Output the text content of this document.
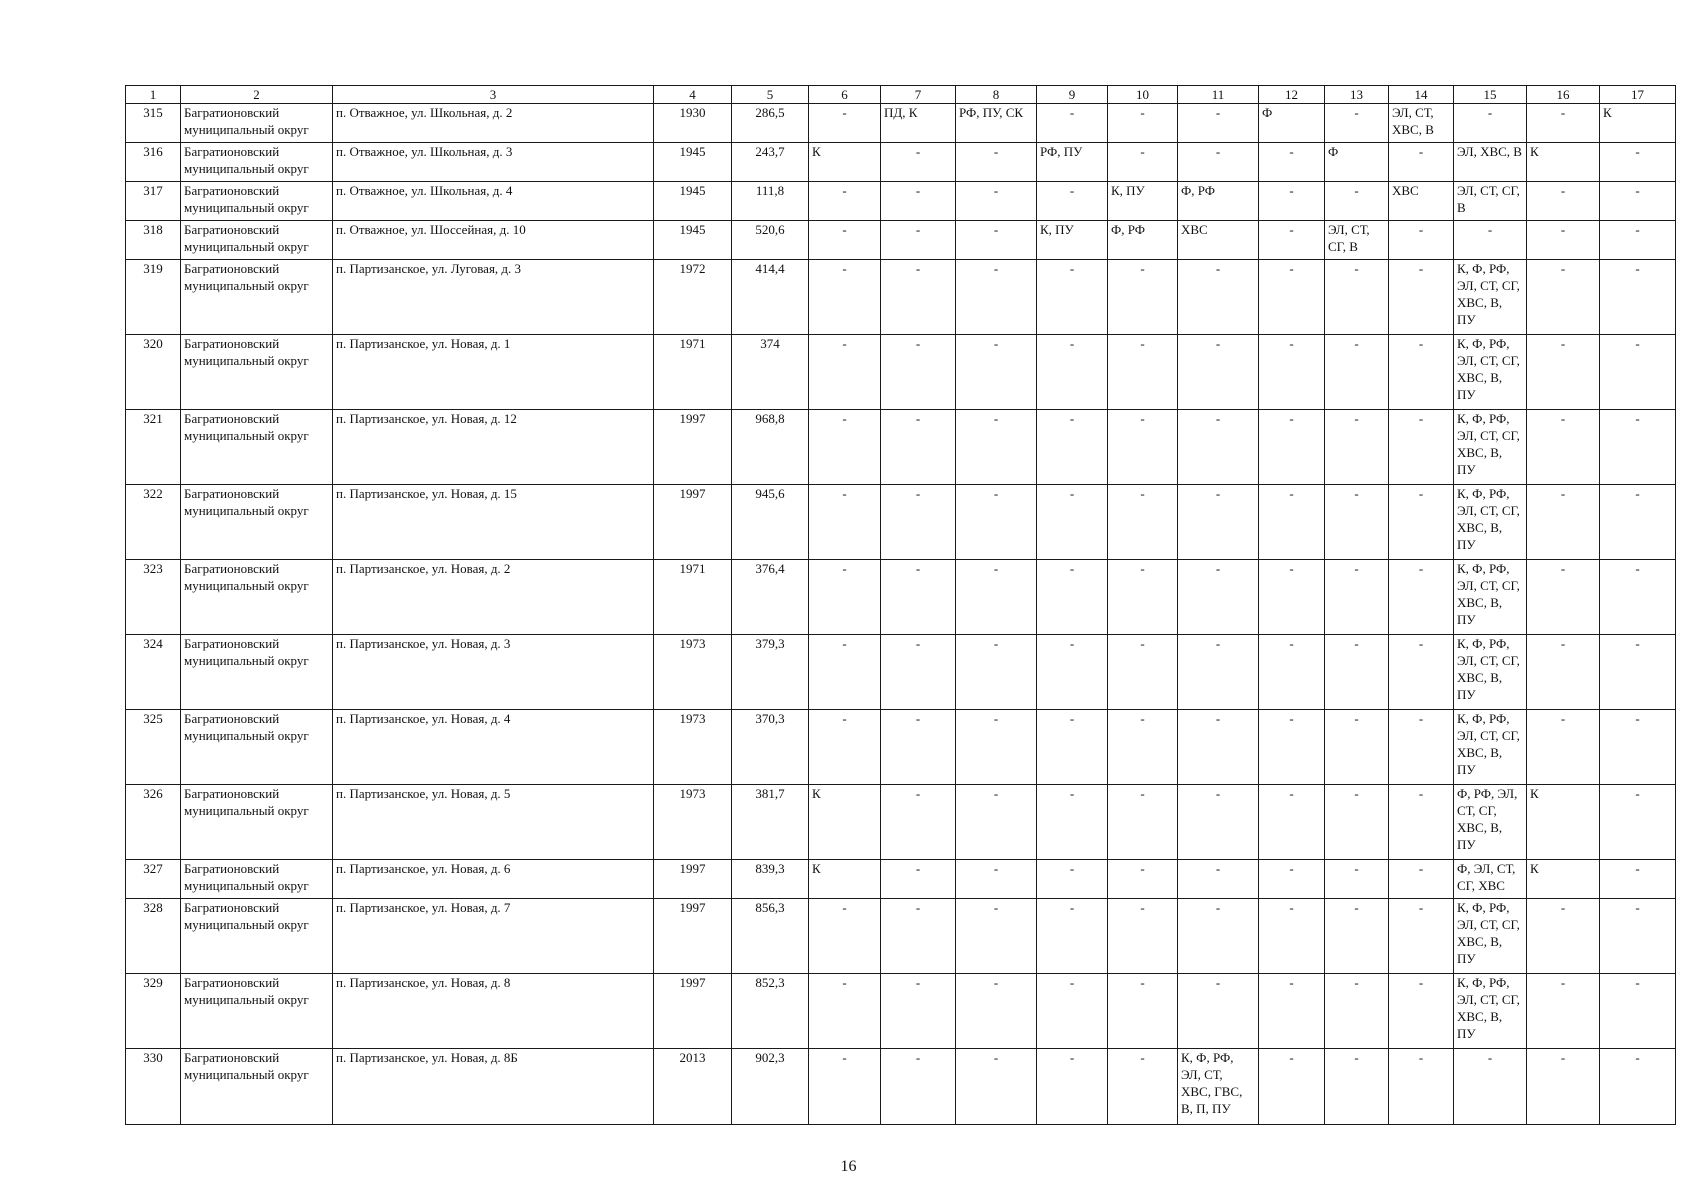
1	2	3	4	5	6	7	8	9	10	11	12	13	14	15	16	17
315	Багратионовский муниципальный округ	п. Отважное, ул. Школьная, д. 2	1930	286,5	-	ПД, К	РФ, ПУ, СК	-	-	-	Ф	-	ЭЛ, СТ, ХВС, В	-	-	К
316	Багратионовский муниципальный округ	п. Отважное, ул. Школьная, д. 3	1945	243,7	К	-	-	РФ, ПУ	-	-	-	Ф	-	ЭЛ, ХВС, В	К	-
317	Багратионовский муниципальный округ	п. Отважное, ул. Школьная, д. 4	1945	111,8	-	-	-	-	К, ПУ	Ф, РФ	-	-	ХВС	ЭЛ, СТ, СГ, В	-	-
318	Багратионовский муниципальный округ	п. Отважное, ул. Шоссейная, д. 10	1945	520,6	-	-	-	К, ПУ	Ф, РФ	ХВС	-	ЭЛ, СТ, СГ, В	-	-	-	-
319	Багратионовский муниципальный округ	п. Партизанское, ул. Луговая, д. 3	1972	414,4	-	-	-	-	-	-	-	-	-	К, Ф, РФ, ЭЛ, СТ, СГ, ХВС, В, ПУ	-	-
320	Багратионовский муниципальный округ	п. Партизанское, ул. Новая, д. 1	1971	374	-	-	-	-	-	-	-	-	-	К, Ф, РФ, ЭЛ, СТ, СГ, ХВС, В, ПУ	-	-
321	Багратионовский муниципальный округ	п. Партизанское, ул. Новая, д. 12	1997	968,8	-	-	-	-	-	-	-	-	-	К, Ф, РФ, ЭЛ, СТ, СГ, ХВС, В, ПУ	-	-
322	Багратионовский муниципальный округ	п. Партизанское, ул. Новая, д. 15	1997	945,6	-	-	-	-	-	-	-	-	-	К, Ф, РФ, ЭЛ, СТ, СГ, ХВС, В, ПУ	-	-
323	Багратионовский муниципальный округ	п. Партизанское, ул. Новая, д. 2	1971	376,4	-	-	-	-	-	-	-	-	-	К, Ф, РФ, ЭЛ, СТ, СГ, ХВС, В, ПУ	-	-
324	Багратионовский муниципальный округ	п. Партизанское, ул. Новая, д. 3	1973	379,3	-	-	-	-	-	-	-	-	-	К, Ф, РФ, ЭЛ, СТ, СГ, ХВС, В, ПУ	-	-
325	Багратионовский муниципальный округ	п. Партизанское, ул. Новая, д. 4	1973	370,3	-	-	-	-	-	-	-	-	-	К, Ф, РФ, ЭЛ, СТ, СГ, ХВС, В, ПУ	-	-
326	Багратионовский муниципальный округ	п. Партизанское, ул. Новая, д. 5	1973	381,7	К	-	-	-	-	-	-	-	-	Ф, РФ, ЭЛ, СТ, СГ, ХВС, В, ПУ	К	-
327	Багратионовский муниципальный округ	п. Партизанское, ул. Новая, д. 6	1997	839,3	К	-	-	-	-	-	-	-	-	Ф, ЭЛ, СТ, СГ, ХВС	К	-
328	Багратионовский муниципальный округ	п. Партизанское, ул. Новая, д. 7	1997	856,3	-	-	-	-	-	-	-	-	-	К, Ф, РФ, ЭЛ, СТ, СГ, ХВС, В, ПУ	-	-
329	Багратионовский муниципальный округ	п. Партизанское, ул. Новая, д. 8	1997	852,3	-	-	-	-	-	-	-	-	-	К, Ф, РФ, ЭЛ, СТ, СГ, ХВС, В, ПУ	-	-
330	Багратионовский муниципальный округ	п. Партизанское, ул. Новая, д. 8Б	2013	902,3	-	-	-	-	-	К, Ф, РФ, ЭЛ, СТ, ХВС, ГВС, В, П, ПУ	-	-	-	-	-	-
16
